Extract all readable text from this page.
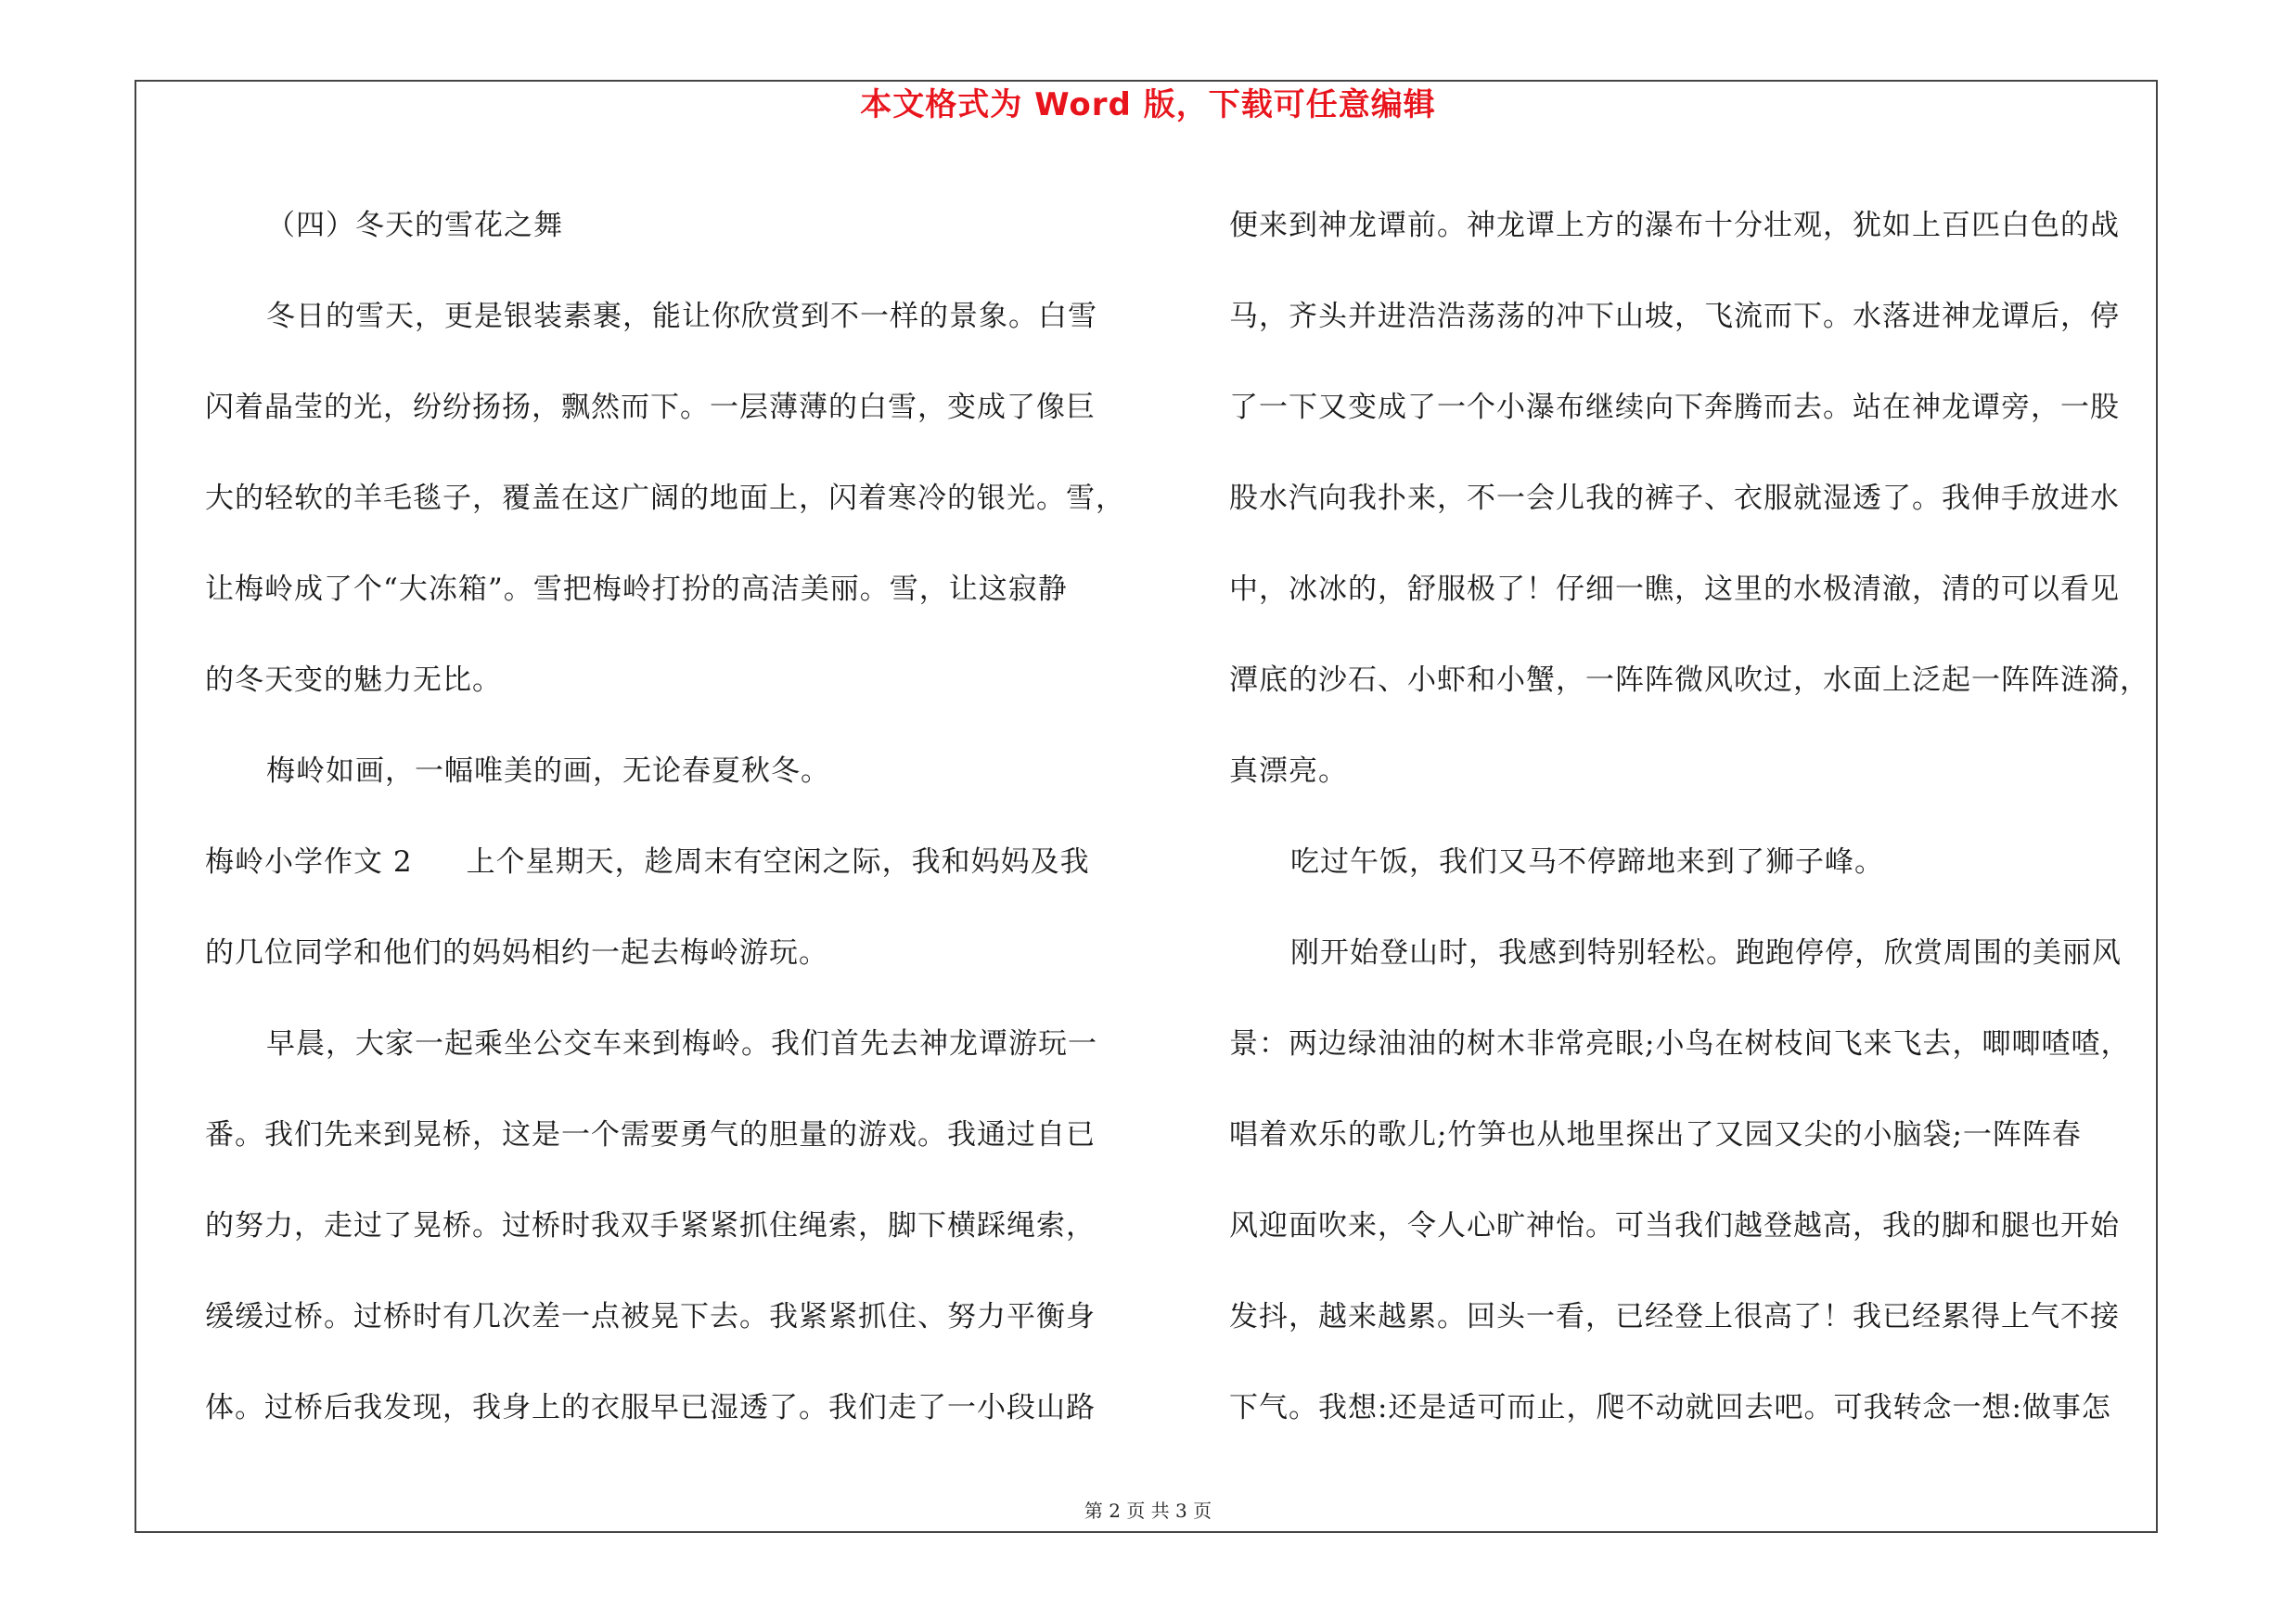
本文格式为 Word 版，下载可任意编辑
（四）冬天的雪花之舞
冬日的雪天，更是银装素裹，能让你欣赏到不一样的景象。白雪
闪着晶莹的光，纷纷扬扬，飘然而下。一层薄薄的白雪，变成了像巨
大的轻软的羊毛毯子，覆盖在这广阔的地面上，闪着寒冷的银光。雪，
让梅岭成了个“大冻箱”。雪把梅岭打扮的高洁美丽。雪，让这寂静
的冬天变的魅力无比。
梅岭如画，一幅唯美的画，无论春夏秋冬。
梅岭小学作文 2 上个星期天，趁周末有空闲之际，我和妈妈及我
的几位同学和他们的妈妈相约一起去梅岭游玩。
早晨，大家一起乘坐公交车来到梅岭。我们首先去神龙谭游玩一
番。我们先来到晃桥，这是一个需要勇气的胆量的游戏。我通过自已
的努力，走过了晃桥。过桥时我双手紧紧抓住绳索，脚下横踩绳索，
缓缓过桥。过桥时有几次差一点被晃下去。我紧紧抓住、努力平衡身
体。过桥后我发现，我身上的衣服早已湿透了。我们走了一小段山路
便来到神龙谭前。神龙谭上方的瀑布十分壮观，犹如上百匹白色的战
马，齐头并进浩浩荡荡的冲下山坡，飞流而下。水落进神龙谭后，停
了一下又变成了一个小瀑布继续向下奔腾而去。站在神龙谭旁，一股
股水汽向我扑来，不一会儿我的裤子、衣服就湿透了。我伸手放进水
中，冰冰的，舒服极了！仔细一瞧，这里的水极清澈，清的可以看见
潭底的沙石、小虾和小蟹，一阵阵微风吹过，水面上泛起一阵阵涟漪，
真漂亮。
吃过午饭，我们又马不停蹄地来到了狮子峰。
刚开始登山时，我感到特别轻松。跑跑停停，欣赏周围的美丽风
景：两边绿油油的树木非常亮眼;小鸟在树枝间飞来飞去，唧唧喳喳，
唱着欢乐的歌儿;竹笋也从地里探出了又园又尖的小脑袋;一阵阵春
风迎面吹来，令人心旷神怡。可当我们越登越高，我的脚和腿也开始
发抖，越来越累。回头一看，已经登上很高了！我已经累得上气不接
下气。我想:还是适可而止，爬不动就回去吧。可我转念一想:做事怎
第 2 页 共 3 页
